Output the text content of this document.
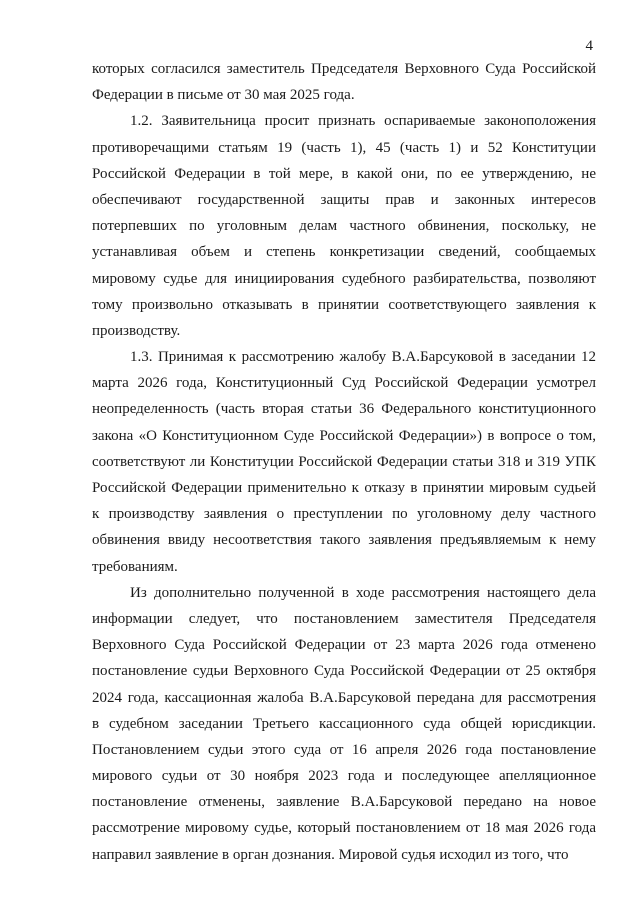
4
которых согласился заместитель Председателя Верховного Суда Российской
Федерации в письме от 30 мая 2025 года.
1.2. Заявительница просит признать оспариваемые законоположения
противоречащими статьям 19 (часть 1), 45 (часть 1) и 52 Конституции
Российской Федерации в той мере, в какой они, по ее утверждению, не
обеспечивают государственной защиты прав и законных интересов
потерпевших по уголовным делам частного обвинения, поскольку, не
устанавливая объем и степень конкретизации сведений, сообщаемых
мировому судье для инициирования судебного разбирательства, позволяют
тому произвольно отказывать в принятии соответствующего заявления к
производству.
1.3. Принимая к рассмотрению жалобу В.А.Барсуковой в заседании 12
марта 2026 года, Конституционный Суд Российской Федерации усмотрел
неопределенность (часть вторая статьи 36 Федерального конституционного
закона «О Конституционном Суде Российской Федерации») в вопросе о том,
соответствуют ли Конституции Российской Федерации статьи 318 и 319 УПК
Российской Федерации применительно к отказу в принятии мировым судьей
к производству заявления о преступлении по уголовному делу частного
обвинения ввиду несоответствия такого заявления предъявляемым к нему
требованиям.
Из дополнительно полученной в ходе рассмотрения настоящего дела
информации следует, что постановлением заместителя Председателя
Верховного Суда Российской Федерации от 23 марта 2026 года отменено
постановление судьи Верховного Суда Российской Федерации от 25 октября
2024 года, кассационная жалоба В.А.Барсуковой передана для рассмотрения
в судебном заседании Третьего кассационного суда общей юрисдикции.
Постановлением судьи этого суда от 16 апреля 2026 года постановление
мирового судьи от 30 ноября 2023 года и последующее апелляционное
постановление отменены, заявление В.А.Барсуковой передано на новое
рассмотрение мировому судье, который постановлением от 18 мая 2026 года
направил заявление в орган дознания. Мировой судья исходил из того, что
